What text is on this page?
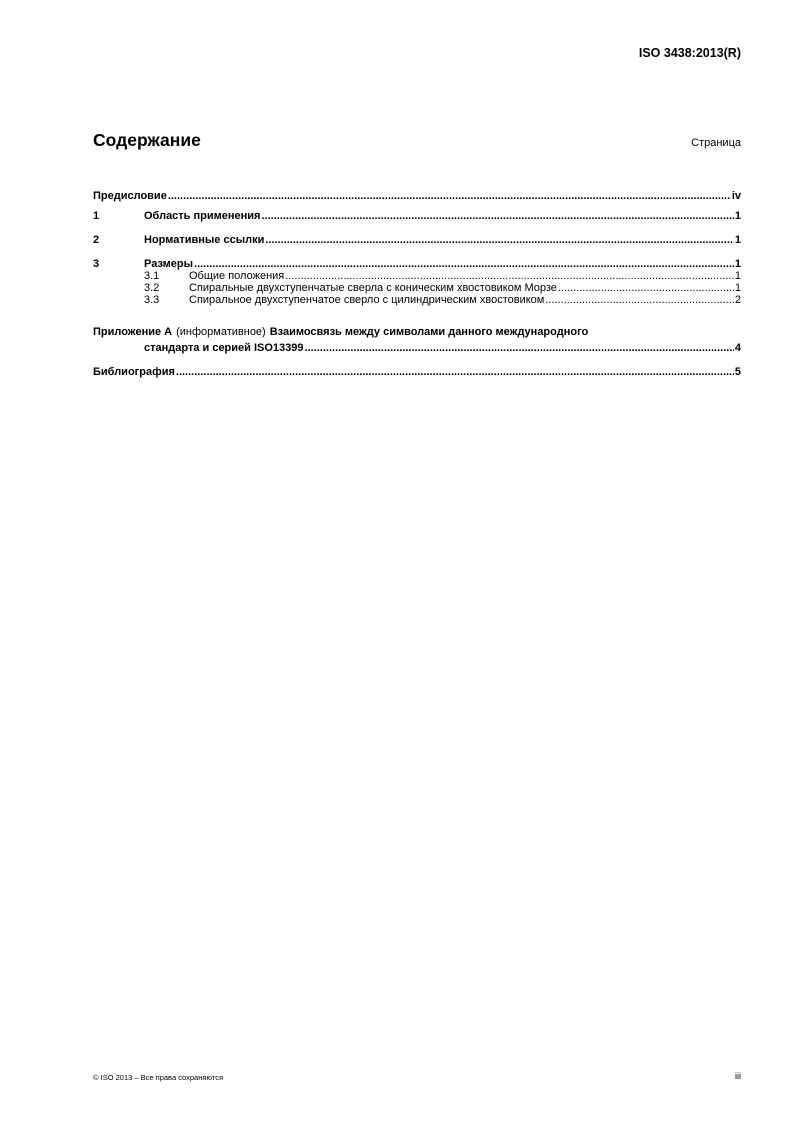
ISO 3438:2013(R)
Содержание	Страница
Предисловие .....	iv
1	Область применения .....	1
2	Нормативные ссылки .....	1
3	Размеры .....	1
3.1	Общие положения .....	1
3.2	Спиральные двухступенчатые сверла с коническим хвостовиком Морзе .....	1
3.3	Спиральное двухступенчатое сверло с цилиндрическим хвостовиком .....	2
Приложение A (информативное) Взаимосвязь между символами данного международного
стандарта и серией ISO13399 .....	4
Библиография .....	5
© ISO 2013 – Все права сохраняются	iii
